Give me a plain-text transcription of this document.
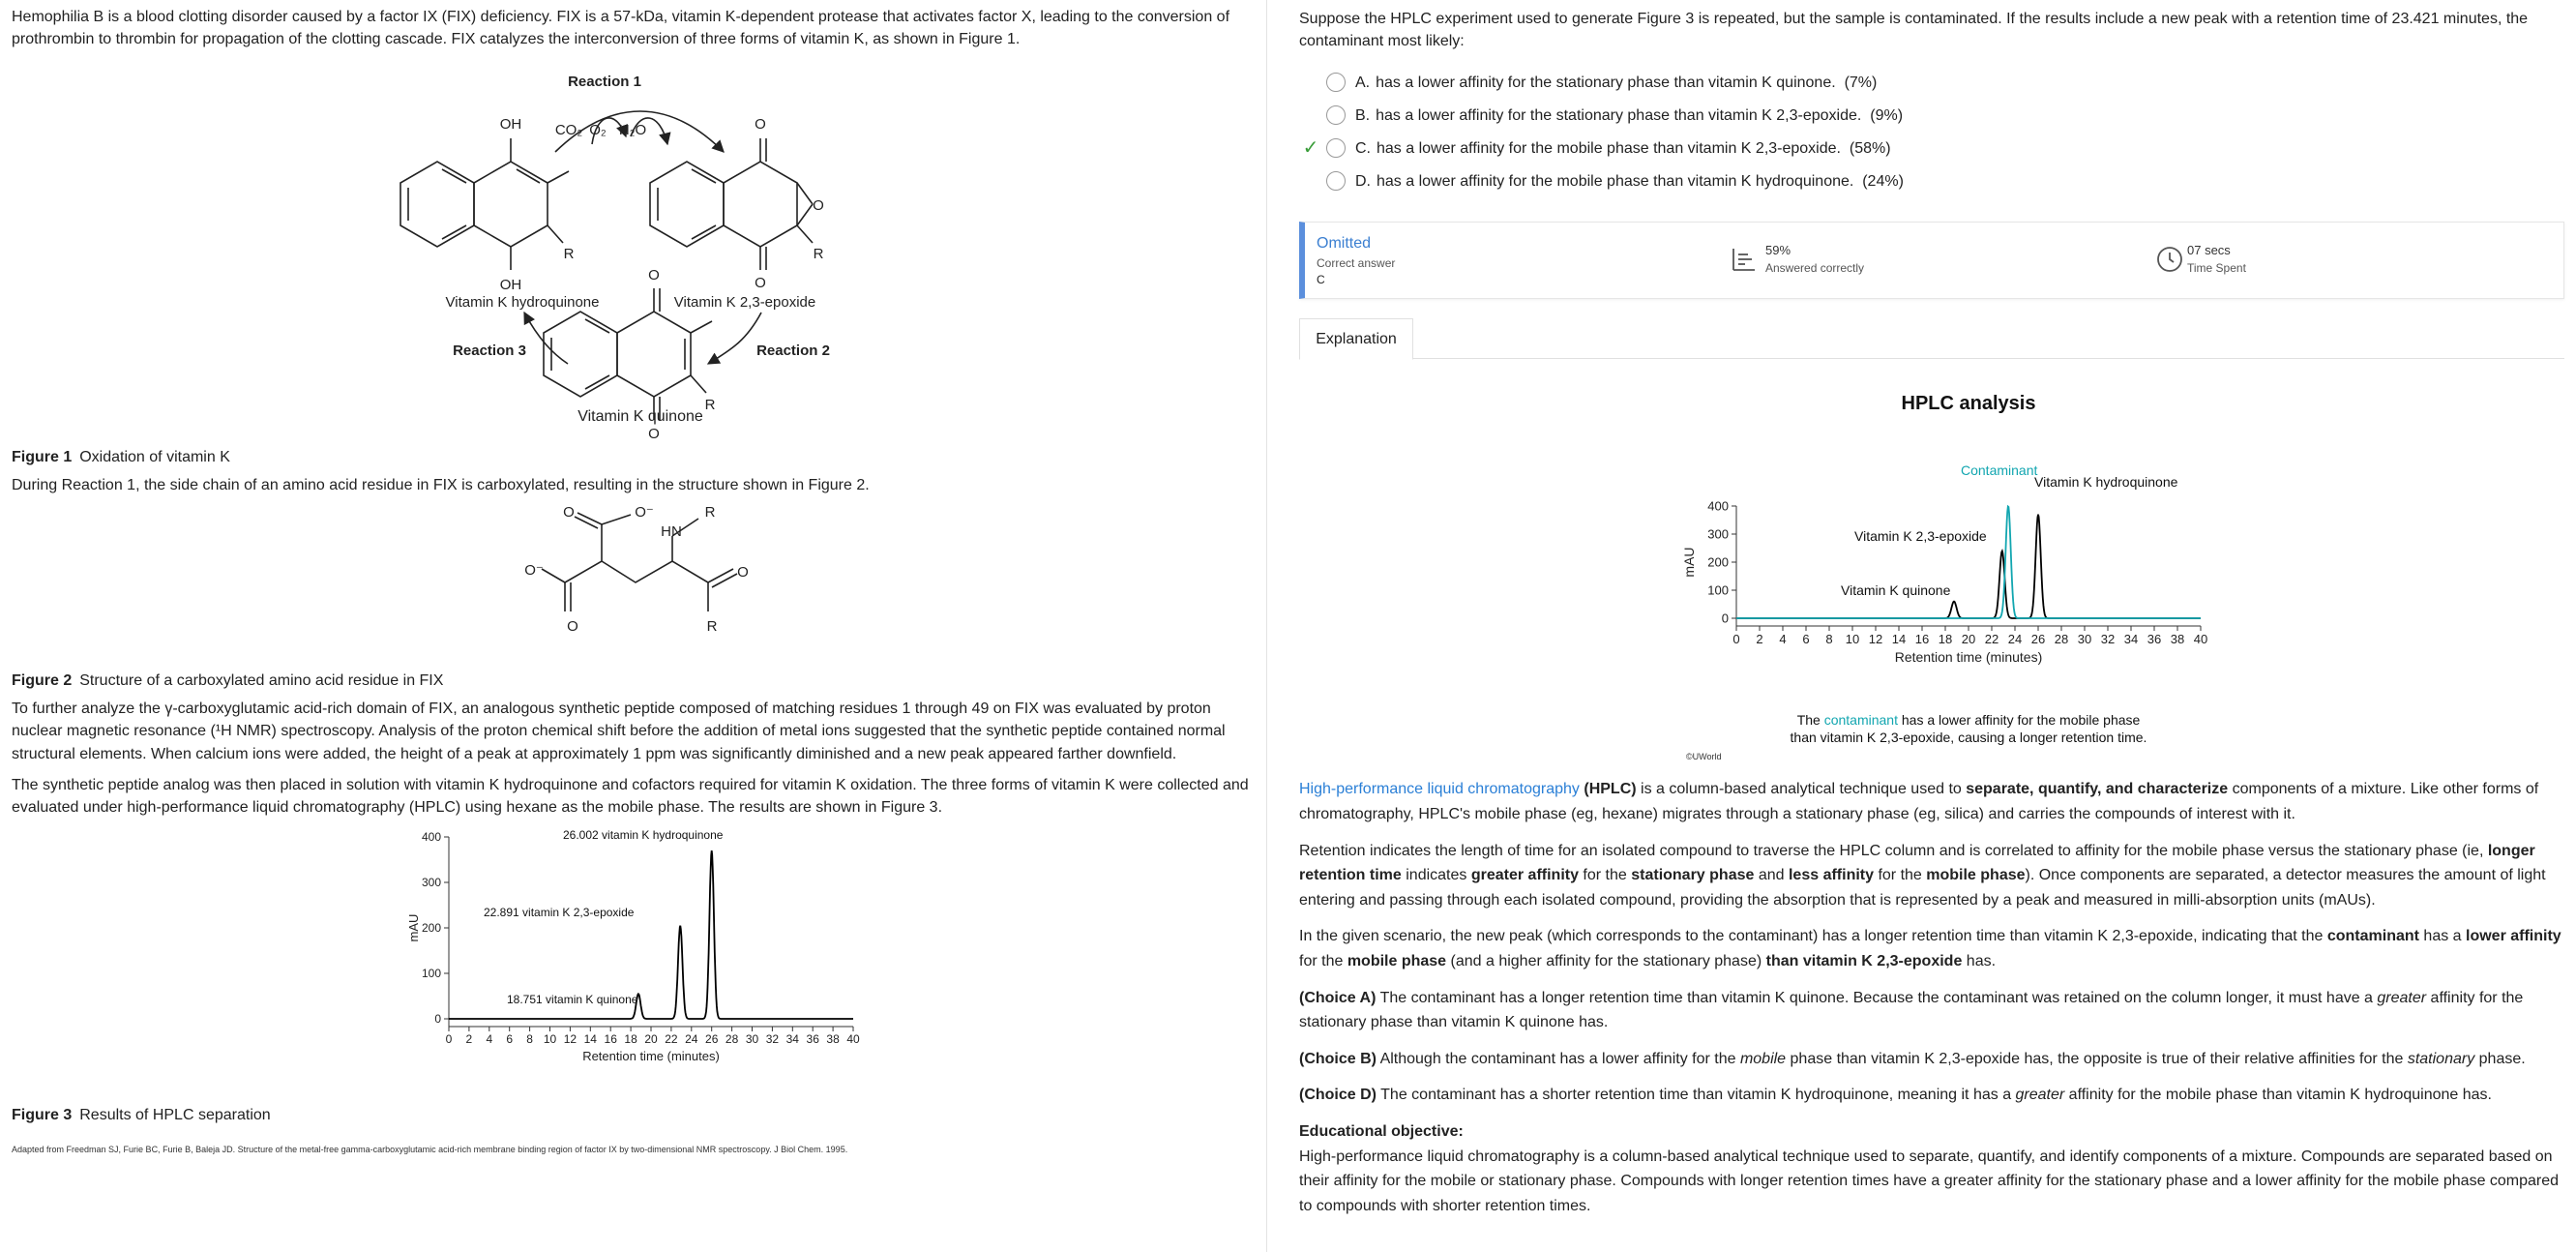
Hemophilia B is a blood clotting disorder caused by a factor IX (FIX) deficiency. FIX is a 57-kDa, vitamin K-dependent protease that activates factor X, leading to the conversion of prothrombin to thrombin for propagation of the clotting cascade. FIX catalyzes the interconversion of three forms of vitamin K, as shown in Figure 1.

Reaction 1
OH
OH
CO₂ O₂ H₂O
R
O
O
O
R
O
O
R
Vitamin K hydroquinone	Vitamin K 2,3-epoxide
Reaction 3	Reaction 2
Vitamin K quinone

Figure 1 Oxidation of vitamin K

During Reaction 1, the side chain of an amino acid residue in FIX is carboxylated, resulting in the structure shown in Figure 2.

O	O⁻	R
HN
O⁻	O
O	R

Figure 2 Structure of a carboxylated amino acid residue in FIX

To further analyze the γ-carboxyglutamic acid-rich domain of FIX, an analogous synthetic peptide composed of matching residues 1 through 49 on FIX was evaluated by proton nuclear magnetic resonance (¹H NMR) spectroscopy. Analysis of the proton chemical shift before the addition of metal ions suggested that the synthetic peptide contained normal structural elements. When calcium ions were added, the height of a peak at approximately 1 ppm was significantly diminished and a new peak appeared farther downfield.

The synthetic peptide analog was then placed in solution with vitamin K hydroquinone and cofactors required for vitamin K oxidation. The three forms of vitamin K were collected and evaluated under high-performance liquid chromatography (HPLC) using hexane as the mobile phase. The results are shown in Figure 3.

0 2 4 6 8 10 12 14 16 18 20 22 24 26 28 30 32 34 36 38 40
0
100
200
300
400
Retention time (minutes)
mAU
18.751 vitamin K quinone
22.891 vitamin K 2,3-epoxide
26.002 vitamin K hydroquinone

Figure 3 Results of HPLC separation

Adapted from Freedman SJ, Furie BC, Furie B, Baleja JD. Structure of the metal-free gamma-carboxyglutamic acid-rich membrane binding region of factor IX by two-dimensional NMR spectroscopy. J Biol Chem. 1995.

Suppose the HPLC experiment used to generate Figure 3 is repeated, but the sample is contaminated. If the results include a new peak with a retention time of 23.421 minutes, the contaminant most likely:

A. has a lower affinity for the stationary phase than vitamin K quinone.
(7%)
B. has a lower affinity for the stationary phase than vitamin K 2,3-epoxide.
(9%)
✓ C. has a lower affinity for the mobile phase than vitamin K 2,3-epoxide.
(58%)
D. has a lower affinity for the mobile phase than vitamin K hydroquinone.
(24%)
Omitted
Correct answer
C
59%
Answered correctly
07 secs
Time Spent
Explanation
HPLC analysis
0 2 4 6 8 10 12 14 16 18 20 22 24 26 28 30 32 34 36 38 40
0
100
200
300
400
Retention time (minutes)
mAU
Vitamin K quinone
Vitamin K 2,3-epoxide
Vitamin K hydroquinone
Contaminant
The contaminant has a lower affinity for the mobile phase
than vitamin K 2,3-epoxide, causing a longer retention time.
©UWorld

High-performance liquid chromatography (HPLC) is a column-based analytical technique used to separate, quantify, and characterize components of a mixture. Like other forms of chromatography, HPLC's mobile phase (eg, hexane) migrates through a stationary phase (eg, silica) and carries the compounds of interest with it.

Retention indicates the length of time for an isolated compound to traverse the HPLC column and is correlated to affinity for the mobile phase versus the stationary phase (ie, longer retention time indicates greater affinity for the stationary phase and less affinity for the mobile phase). Once components are separated, a detector measures the amount of light entering and passing through each isolated compound, providing the absorption that is represented by a peak and measured in milli-absorption units (mAUs).

In the given scenario, the new peak (which corresponds to the contaminant) has a longer retention time than vitamin K 2,3-epoxide, indicating that the contaminant has a lower affinity for the mobile phase (and a higher affinity for the stationary phase) than vitamin K 2,3-epoxide has.

(Choice A) The contaminant has a longer retention time than vitamin K quinone. Because the contaminant was retained on the column longer, it must have a greater affinity for the stationary phase than vitamin K quinone has.

(Choice B) Although the contaminant has a lower affinity for the mobile phase than vitamin K 2,3-epoxide has, the opposite is true of their relative affinities for the stationary phase.

(Choice D) The contaminant has a shorter retention time than vitamin K hydroquinone, meaning it has a greater affinity for the mobile phase than vitamin K hydroquinone has.

Educational objective:

High-performance liquid chromatography is a column-based analytical technique used to separate, quantify, and identify components of a mixture. Compounds are separated based on their affinity for the mobile or stationary phase. Compounds with longer retention times have a greater affinity for the stationary phase and a lower affinity for the mobile phase compared to compounds with shorter retention times.
